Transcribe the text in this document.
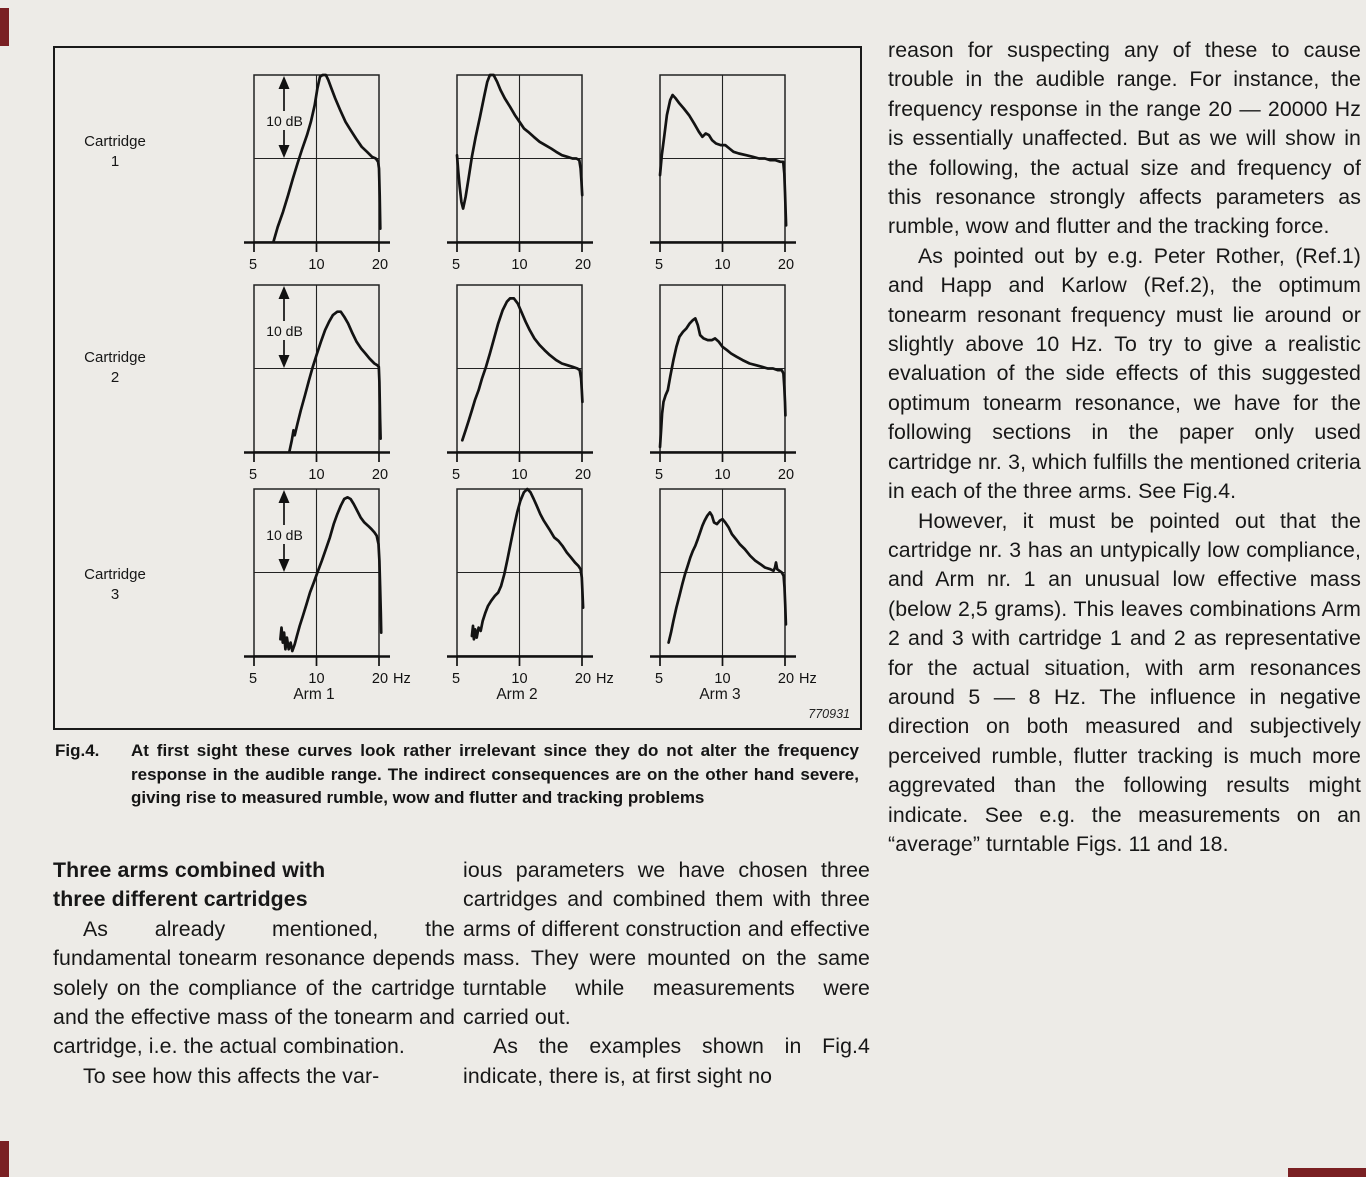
Cartridge
1
Cartridge
2
Cartridge
3
5	10	20
10 dB
5	10	20	5	10	20
5	10	20
10 dB
5	10	20	5	10	20
5	10	20 Hz
10 dB
5	10	20 Hz	5	10	20 Hz
Arm 1	Arm 2	Arm 3
770931
Fig.4.	At first sight these curves look rather irrelevant since they do not alter the frequency response in the audible range. The indirect consequences are on the other hand severe, giving rise to measured rumble, wow and flutter and tracking problems
Three arms combined with
three different cartridges

As already mentioned, the fundamental tonearm resonance depends solely on the compliance of the cartridge and the effective mass of the tonearm and cartridge, i.e. the actual combination.

To see how this affects the var-

ious parameters we have chosen three cartridges and combined them with three arms of different construction and effective mass. They were mounted on the same turntable while measurements were carried out.

As the examples shown in Fig.4 indicate, there is, at first sight no

reason for suspecting any of these to cause trouble in the audible range. For instance, the frequency response in the range 20 — 20000 Hz is essentially unaffected. But as we will show in the following, the actual size and frequency of this resonance strongly affects parameters as rumble, wow and flutter and the tracking force.

As pointed out by e.g. Peter Rother, (Ref.1) and Happ and Karlow (Ref.2), the optimum tonearm resonant frequency must lie around or slightly above 10 Hz. To try to give a realistic evaluation of the side effects of this suggested optimum tonearm resonance, we have for the following sections in the paper only used cartridge nr. 3, which fulfills the mentioned criteria in each of the three arms. See Fig.4.

However, it must be pointed out that the cartridge nr. 3 has an untypically low compliance, and Arm nr. 1 an unusual low effective mass (below 2,5 grams). This leaves combinations Arm 2 and 3 with cartridge 1 and 2 as representative for the actual situation, with arm resonances around 5 — 8 Hz. The influence in negative direction on both measured and subjectively perceived rumble, flutter tracking is much more aggrevated than the following results might indicate. See e.g. the measurements on an “average” turntable Figs. 11 and 18.
